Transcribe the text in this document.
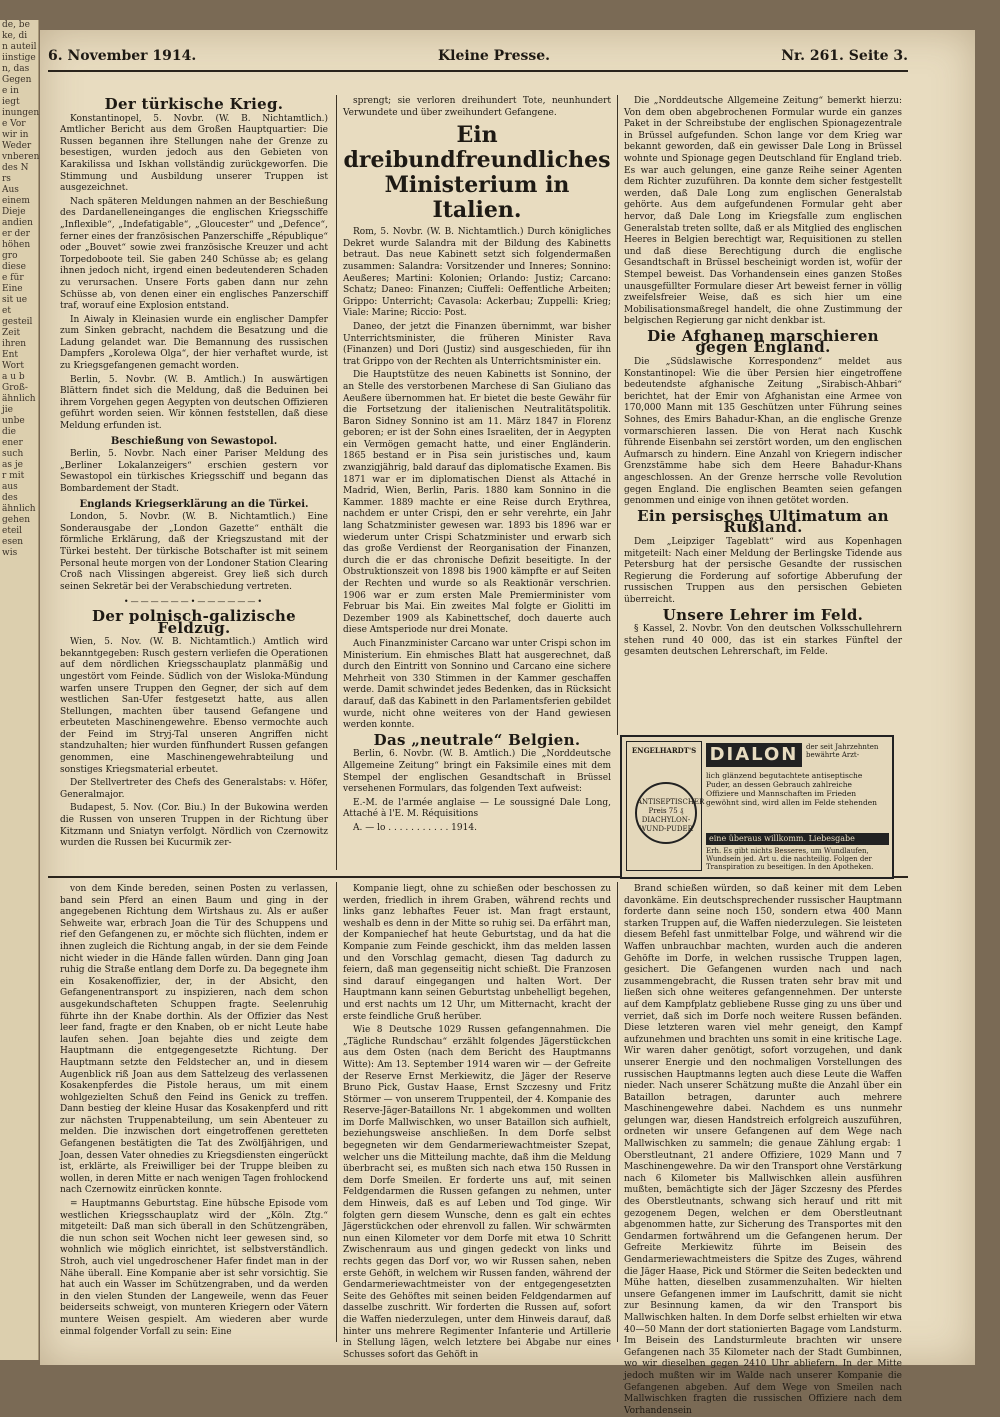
de, be
ke, di
n auteil
iinstige
n, das
Gegen
e in
iegt
inungen
e Vor
wir in
Weder
vnberen
des N
rs
Aus
einem
Dieje
andien
er der
höhen
gro
diese
e für
Eine
sit ue
et
gesteil
Zeit
ihren
Ent
Wort
a u b
Groß-
ähnlich
jie
unbe
die
ener
such
as je
r mit
aus
des
ähnlich
gehen
eteil
esen
wis
6. November 1914.	Kleine Presse.	Nr. 261. Seite 3.
Der türkische Krieg.

Konstantinopel, 5. Novbr. (W. B. Nichtamtlich.) Amtlicher Bericht aus dem Großen Hauptquartier: Die Russen begannen ihre Stellungen nahe der Grenze zu besestigen, wurden jedoch aus den Gebieten von Karakilissa und Iskhan vollständig zurückgeworfen. Die Stimmung und Ausbildung unserer Truppen ist ausgezeichnet.

Nach späteren Meldungen nahmen an der Beschießung des Dardanelleneinganges die englischen Kriegsschiffe „Inflexible“, „Indefatigable“, „Gloucester“ und „Defence“, ferner eines der französischen Panzerschiffe „République“ oder „Bouvet“ sowie zwei französische Kreuzer und acht Torpedoboote teil. Sie gaben 240 Schüsse ab; es gelang ihnen jedoch nicht, irgend einen bedeutenderen Schaden zu verursachen. Unsere Forts gaben dann nur zehn Schüsse ab, von denen einer ein englisches Panzerschiff traf, worauf eine Explosion entstand.

In Aiwaly in Kleinasien wurde ein englischer Dampfer zum Sinken gebracht, nachdem die Besatzung und die Ladung gelandet war. Die Bemannung des russischen Dampfers „Korolewa Olga“, der hier verhaftet wurde, ist zu Kriegsgefangenen gemacht worden.

Berlin, 5. Novbr. (W. B. Amtlich.) In auswärtigen Blättern findet sich die Meldung, daß die Beduinen bei ihrem Vorgehen gegen Aegypten von deutschen Offizieren geführt worden seien. Wir können feststellen, daß diese Meldung erfunden ist.

Beschießung von Sewastopol.

Berlin, 5. Novbr. Nach einer Pariser Meldung des „Berliner Lokalanzeigers“ erschien gestern vor Sewastopol ein türkisches Kriegsschiff und begann das Bombardement der Stadt.

Englands Kriegserklärung an die Türkei.

London, 5. Novbr. (W. B. Nichtamtlich.) Eine Sonderausgabe der „London Gazette“ enthält die förmliche Erklärung, daß der Kriegszustand mit der Türkei besteht. Der türkische Botschafter ist mit seinem Personal heute morgen von der Londoner Station Clearing Croß nach Vlissingen abgereist. Grey ließ sich durch seinen Sekretär bei der Verabschiedung vertreten.

•——————•——————•
Der polnisch-galizische Feldzug.

Wien, 5. Nov. (W. B. Nichtamtlich.) Amtlich wird bekanntgegeben: Rusch gestern verliefen die Operationen auf dem nördlichen Kriegsschauplatz planmäßig und ungestört vom Feinde. Südlich von der Wisloka-Mündung warfen unsere Truppen den Gegner, der sich auf dem westlichen San-Ufer festgesetzt hatte, aus allen Stellungen, machten über tausend Gefangene und erbeuteten Maschinengewehre. Ebenso vermochte auch der Feind im Stryj-Tal unseren Angriffen nicht standzuhalten; hier wurden fünfhundert Russen gefangen genommen, eine Maschinengewehrabteilung und sonstiges Kriegsmaterial erbeutet.

Der Stellvertreter des Chefs des Generalstabs: v. Höfer, Generalmajor.

Budapest, 5. Nov. (Cor. Biu.) In der Bukowina werden die Russen von unseren Truppen in der Richtung über Kitzmann und Sniatyn verfolgt. Nördlich von Czernowitz wurden die Russen bei Kucurmik zer-

sprengt; sie verloren dreihundert Tote, neunhundert Verwundete und über zweihundert Gefangene.

Ein dreibundfreundliches Ministerium in Italien.

Rom, 5. Novbr. (W. B. Nichtamtlich.) Durch königliches Dekret wurde Salandra mit der Bildung des Kabinetts betraut. Das neue Kabinett setzt sich folgendermaßen zusammen: Salandra: Vorsitzender und Inneres; Sonnino: Aeußeres; Martini: Kolonien; Orlando: Justiz; Carcano: Schatz; Daneo: Finanzen; Ciuffeli: Oeffentliche Arbeiten; Grippo: Unterricht; Cavasola: Ackerbau; Zuppelli: Krieg; Viale: Marine; Riccio: Post.

Daneo, der jetzt die Finanzen übernimmt, war bisher Unterrichtsminister, die früheren Minister Rava (Finanzen) und Dori (Justiz) sind ausgeschieden, für ihn trat Grippo von der Rechten als Unterrichtsminister ein.

Die Hauptstütze des neuen Kabinetts ist Sonnino, der an Stelle des verstorbenen Marchese di San Giuliano das Aeußere übernommen hat. Er bietet die beste Gewähr für die Fortsetzung der italienischen Neutralitätspolitik. Baron Sidney Sonnino ist am 11. März 1847 in Florenz geboren; er ist der Sohn eines Israeliten, der in Aegypten ein Vermögen gemacht hatte, und einer Engländerin. 1865 bestand er in Pisa sein juristisches und, kaum zwanzigjährig, bald darauf das diplomatische Examen. Bis 1871 war er im diplomatischen Dienst als Attaché in Madrid, Wien, Berlin, Paris. 1880 kam Sonnino in die Kammer. 1889 machte er eine Reise durch Erythrea, nachdem er unter Crispi, den er sehr verehrte, ein Jahr lang Schatzminister gewesen war. 1893 bis 1896 war er wiederum unter Crispi Schatzminister und erwarb sich das große Verdienst der Reorganisation der Finanzen, durch die er das chronische Defizit beseitigte. In der Obstruktionszeit von 1898 bis 1900 kämpfte er auf Seiten der Rechten und wurde so als Reaktionär verschrien. 1906 war er zum ersten Male Premierminister vom Februar bis Mai. Ein zweites Mal folgte er Giolitti im Dezember 1909 als Kabinettschef, doch dauerte auch diese Amtsperiode nur drei Monate.

Auch Finanzminister Carcano war unter Crispi schon im Ministerium. Ein ehmisches Blatt hat ausgerechnet, daß durch den Eintritt von Sonnino und Carcano eine sichere Mehrheit von 330 Stimmen in der Kammer geschaffen werde. Damit schwindet jedes Bedenken, das in Rücksicht darauf, daß das Kabinett in den Parlamentsferien gebildet wurde, nicht ohne weiteres von der Hand gewiesen werden konnte.

Das „neutrale“ Belgien.

Berlin, 6. Novbr. (W. B. Amtlich.) Die „Norddeutsche Allgemeine Zeitung“ bringt ein Faksimile eines mit dem Stempel der englischen Gesandtschaft in Brüssel versehenen Formulars, das folgenden Text aufweist:

E.-M. de l'armée anglaise — Le soussigné Dale Long, Attaché à l'E. M. Réquisitions

A. — lo . . . . . . . . . . . 1914.

Die „Norddeutsche Allgemeine Zeitung“ bemerkt hierzu: Von dem oben abgebrochenen Formular wurde ein ganzes Paket in der Schreibstube der englischen Spionagezentrale in Brüssel aufgefunden. Schon lange vor dem Krieg war bekannt geworden, daß ein gewisser Dale Long in Brüssel wohnte und Spionage gegen Deutschland für England trieb. Es war auch gelungen, eine ganze Reihe seiner Agenten dem Richter zuzuführen. Da konnte dem sicher festgestellt werden, daß Dale Long zum englischen Generalstab gehörte. Aus dem aufgefundenen Formular geht aber hervor, daß Dale Long im Kriegsfalle zum englischen Generalstab treten sollte, daß er als Mitglied des englischen Heeres in Belgien berechtigt war, Requisitionen zu stellen und daß diese Berechtigung durch die englische Gesandtschaft in Brüssel bescheinigt worden ist, wofür der Stempel beweist. Das Vorhandensein eines ganzen Stoßes unausgefüllter Formulare dieser Art beweist ferner in völlig zweifelsfreier Weise, daß es sich hier um eine Mobilisationsmaßregel handelt, die ohne Zustimmung der belgischen Regierung gar nicht denkbar ist.

Die Afghanen marschieren gegen England.

Die „Südslawische Korrespondenz“ meldet aus Konstantinopel: Wie die über Persien hier eingetroffene bedeutendste afghanische Zeitung „Sirabisch-Ahbari“ berichtet, hat der Emir von Afghanistan eine Armee von 170,000 Mann mit 135 Geschützen unter Führung seines Sohnes, des Emirs Bahadur-Khan, an die englische Grenze vormarschieren lassen. Die von Herat nach Kuschk führende Eisenbahn sei zerstört worden, um den englischen Aufmarsch zu hindern. Eine Anzahl von Kriegern indischer Grenzstämme habe sich dem Heere Bahadur-Khans angeschlossen. An der Grenze herrsche volle Revolution gegen England. Die englischen Beamten seien gefangen genommen und einige von ihnen getötet worden.

Ein persisches Ultimatum an Rußland.

Dem „Leipziger Tageblatt“ wird aus Kopenhagen mitgeteilt: Nach einer Meldung der Berlingske Tidende aus Petersburg hat der persische Gesandte der russischen Regierung die Forderung auf sofortige Abberufung der russischen Truppen aus den persischen Gebieten überreicht.

Unsere Lehrer im Feld.

§ Kassel, 2. Novbr. Von den deutschen Volksschullehrern stehen rund 40 000, das ist ein starkes Fünftel der gesamten deutschen Lehrerschaft, im Felde.

ENGELHARDT'S
ANTISEPTISCHER Preis 75 ₰ DIACHYLON-WUND-PUDER
DIALON	der seit Jahrzehnten bewährte Arzt-
lich glänzend begutachtete antiseptische Puder, an dessen Gebrauch zahlreiche Offiziere und Mannschaften im Frieden gewöhnt sind, wird allen im Felde stehenden
eine überaus willkomm. Liebesgabe
Erh. Es gibt nichts Besseres, um Wundlaufen, Wundsein jed. Art u. die nachteilig. Folgen der Transpiration zu beseitigen. In den Apotheken.

von dem Kinde bereden, seinen Posten zu verlassen, band sein Pferd an einen Baum und ging in der angegebenen Richtung dem Wirtshaus zu. Als er außer Sehweite war, erbrach Joan die Tür des Schuppens und rief den Gefangenen zu, er möchte sich flüchten, indem er ihnen zugleich die Richtung angab, in der sie dem Feinde nicht wieder in die Hände fallen würden. Dann ging Joan ruhig die Straße entlang dem Dorfe zu. Da begegnete ihm ein Kosakenoffizier, der, in der Absicht, den Gefangenentransport zu inspizieren, nach dem schon ausgekundschafteten Schuppen fragte. Seelenruhig führte ihn der Knabe dorthin. Als der Offizier das Nest leer fand, fragte er den Knaben, ob er nicht Leute habe laufen sehen. Joan bejahte dies und zeigte dem Hauptmann die entgegengesetzte Richtung. Der Hauptmann setzte den Feldstecher an, und in diesem Augenblick riß Joan aus dem Sattelzeug des verlassenen Kosakenpferdes die Pistole heraus, um mit einem wohlgezielten Schuß den Feind ins Genick zu treffen. Dann bestieg der kleine Husar das Kosakenpferd und ritt zur nächsten Truppenabteilung, um sein Abenteuer zu melden. Die inzwischen dort eingetroffenen geretteten Gefangenen bestätigten die Tat des Zwölfjährigen, und Joan, dessen Vater ohnedies zu Kriegsdiensten eingerückt ist, erklärte, als Freiwilliger bei der Truppe bleiben zu wollen, in deren Mitte er nach wenigen Tagen frohlockend nach Czernowitz einrücken konnte.

= Hauptmanns Geburtstag. Eine hübsche Episode vom westlichen Kriegsschauplatz wird der „Köln. Ztg.“ mitgeteilt: Daß man sich überall in den Schützengräben, die nun schon seit Wochen nicht leer gewesen sind, so wohnlich wie möglich einrichtet, ist selbstverständlich. Stroh, auch viel ungedroschener Hafer findet man in der Nähe überall. Eine Kompanie aber ist sehr vorsichtig. Sie hat auch ein Wasser im Schützengraben, und da werden in den vielen Stunden der Langeweile, wenn das Feuer beiderseits schweigt, von munteren Kriegern oder Vätern muntere Weisen gespielt. Am wiederen aber wurde einmal folgender Vorfall zu sein: Eine

Kompanie liegt, ohne zu schießen oder beschossen zu werden, friedlich in ihrem Graben, während rechts und links ganz lebhaftes Feuer ist. Man fragt erstaunt, weshalb es denn in der Mitte so ruhig sei. Da erfährt man, der Kompaniechef hat heute Geburtstag, und da hat die Kompanie zum Feinde geschickt, ihm das melden lassen und den Vorschlag gemacht, diesen Tag dadurch zu feiern, daß man gegenseitig nicht schießt. Die Franzosen sind darauf eingegangen und halten Wort. Der Hauptmann kann seinen Geburtstag unbehelligt begehen, und erst nachts um 12 Uhr, um Mitternacht, kracht der erste feindliche Gruß herüber.

Wie 8 Deutsche 1029 Russen gefangennahmen. Die „Tägliche Rundschau“ erzählt folgendes Jägerstückchen aus dem Osten (nach dem Bericht des Hauptmanns Witte): Am 13. September 1914 waren wir — der Gefreite der Reserve Ernst Merkiewitz, die Jäger der Reserve Bruno Pick, Gustav Haase, Ernst Szczesny und Fritz Störmer — von unserem Truppenteil, der 4. Kompanie des Reserve-Jäger-Bataillons Nr. 1 abgekommen und wollten im Dorfe Mallwischken, wo unser Bataillon sich aufhielt, beziehungsweise anschließen. In dem Dorfe selbst begegneten wir dem Gendarmeriewachtmeister Szepat, welcher uns die Mitteilung machte, daß ihm die Meldung überbracht sei, es mußten sich nach etwa 150 Russen in dem Dorfe Smeilen. Er forderte uns auf, mit seinen Feldgendarmen die Russen gefangen zu nehmen, unter dem Hinweis, daß es auf Leben und Tod ginge. Wir folgten gern diesem Wunsche, denn es galt ein echtes Jägerstückchen oder ehrenvoll zu fallen. Wir schwärmten nun einen Kilometer vor dem Dorfe mit etwa 10 Schritt Zwischenraum aus und gingen gedeckt von links und rechts gegen das Dorf vor, wo wir Russen sahen, neben erste Gehöft, in welchem wir Russen fanden, während der Gendarmeriewachtmeister von der entgegengesetzten Seite des Gehöftes mit seinen beiden Feldgendarmen auf dasselbe zuschritt. Wir forderten die Russen auf, sofort die Waffen niederzulegen, unter dem Hinweis darauf, daß hinter uns mehrere Regimenter Infanterie und Artillerie in Stellung lägen, welch letztere bei Abgabe nur eines Schusses sofort das Gehöft in

Brand schießen würden, so daß keiner mit dem Leben davonkäme. Ein deutschsprechender russischer Hauptmann forderte dann seine noch 150, sondern etwa 400 Mann starken Truppen auf, die Waffen niederzulegen. Sie leisteten diesem Befehl fast unmittelbar Folge, und während wir die Waffen unbrauchbar machten, wurden auch die anderen Gehöfte im Dorfe, in welchen russische Truppen lagen, gesichert. Die Gefangenen wurden nach und nach zusammengebracht, die Russen traten sehr brav mit und ließen sich ohne weiteres gefangennehmen. Der unterste auf dem Kampfplatz gebliebene Russe ging zu uns über und verriet, daß sich im Dorfe noch weitere Russen befänden. Diese letzteren waren viel mehr geneigt, den Kampf aufzunehmen und brachten uns somit in eine kritische Lage. Wir waren daher genötigt, sofort vorzugehen, und dank unserer Energie und den nochmaligen Vorstellungen des russischen Hauptmanns legten auch diese Leute die Waffen nieder. Nach unserer Schätzung mußte die Anzahl über ein Bataillon betragen, darunter auch mehrere Maschinengewehre dabei. Nachdem es uns nunmehr gelungen war, diesen Handstreich erfolgreich auszuführen, ordneten wir unsere Gefangenen auf dem Wege nach Mallwischken zu sammeln; die genaue Zählung ergab: 1 Oberstleutnant, 21 andere Offiziere, 1029 Mann und 7 Maschinengewehre. Da wir den Transport ohne Verstärkung nach 6 Kilometer bis Mallwischken allein ausführen mußten, bemächtigte sich der Jäger Szczesny des Pferdes des Oberstleutnants, schwang sich herauf und ritt mit gezogenem Degen, welchen er dem Oberstleutnant abgenommen hatte, zur Sicherung des Transportes mit den Gendarmen fortwährend um die Gefangenen herum. Der Gefreite Merkiewitz führte im Beisein des Gendarmeriewachtmeisters die Spitze des Zuges, während die Jäger Haase, Pick und Störmer die Seiten bedeckten und Mühe hatten, dieselben zusammenzuhalten. Wir hielten unsere Gefangenen immer im Laufschritt, damit sie nicht zur Besinnung kamen, da wir den Transport bis Mallwischken halten. In dem Dorfe selbst erhielten wir etwa 40—50 Mann der dort stationierten Bagage vom Landsturm. Im Beisein des Landsturmleute brachten wir unsere Gefangenen nach 35 Kilometer nach der Stadt Gumbinnen, wo wir dieselben gegen 2410 Uhr abliefern. In der Mitte jedoch mußten wir im Walde nach unserer Kompanie die Gefangenen abgeben. Auf dem Wege von Smeilen nach Mallwischken fragten die russischen Offiziere nach dem Vorhandensein
